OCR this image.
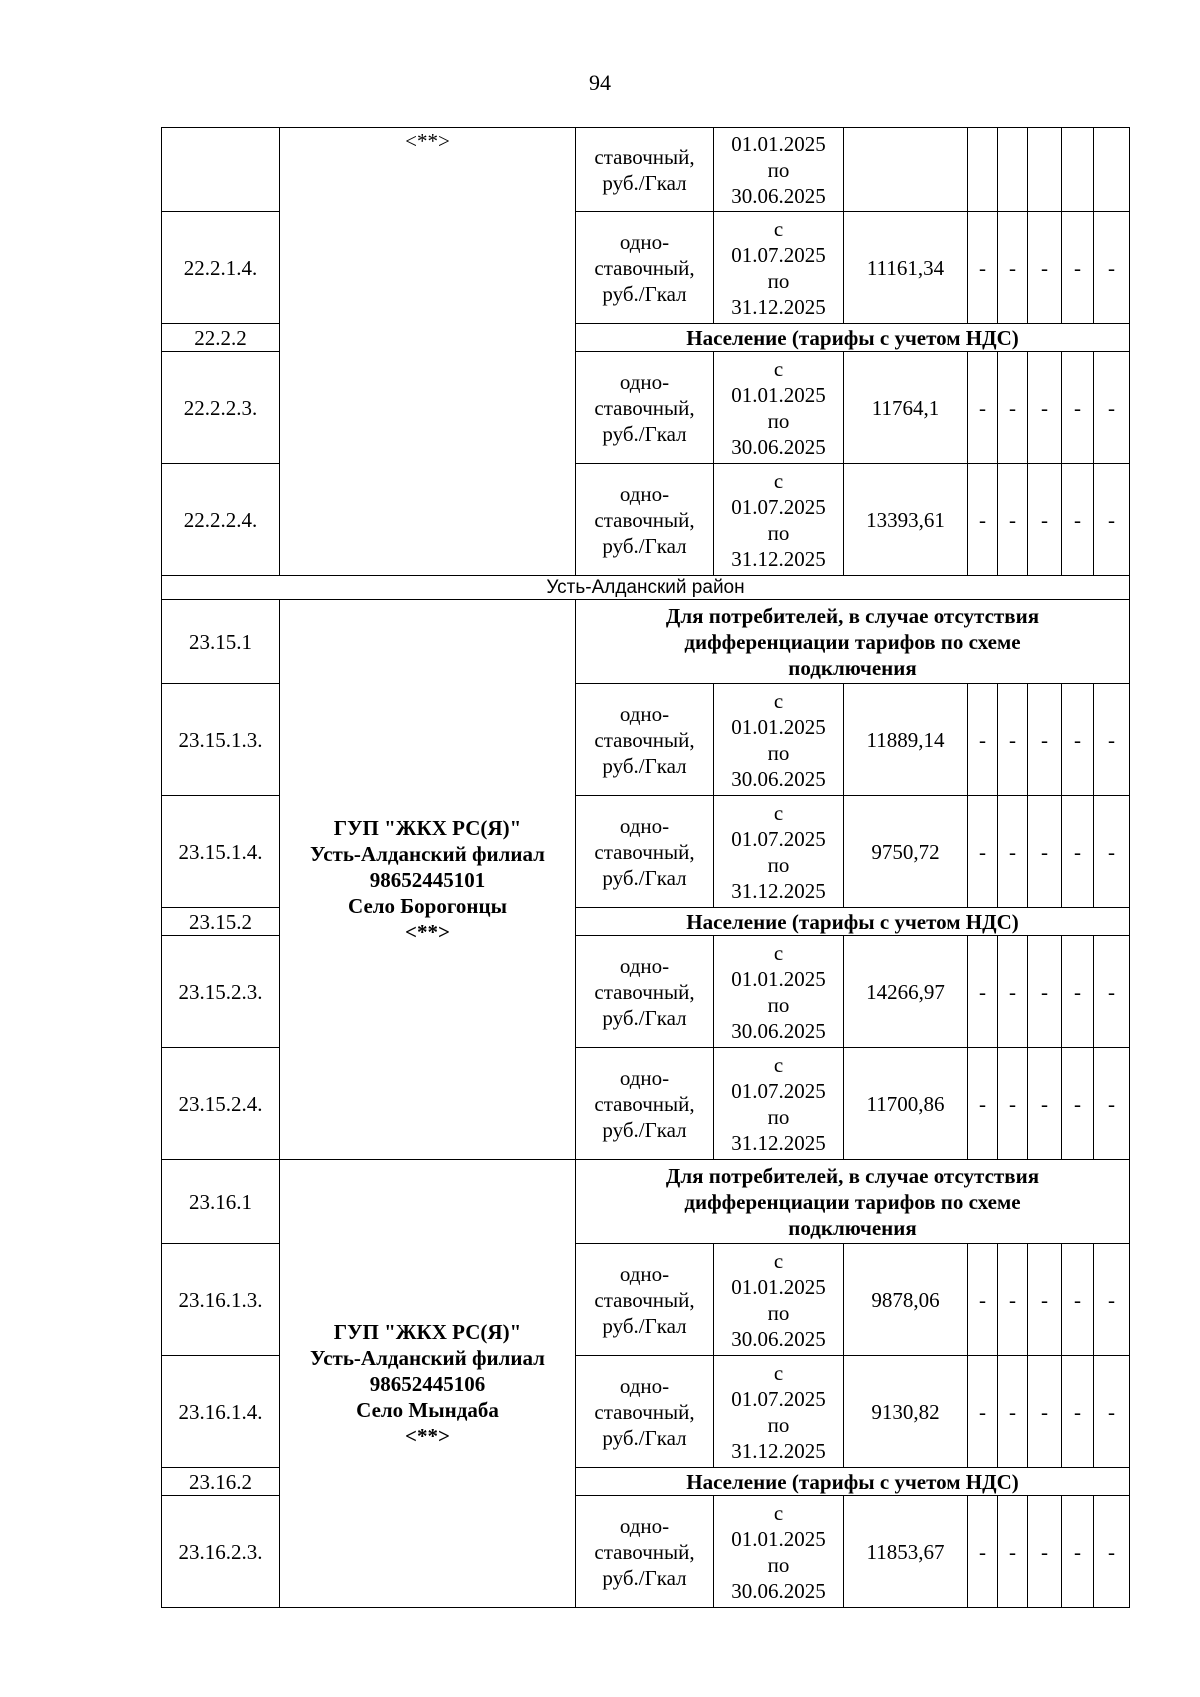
94

	<**>	ставочный,
руб./Гкал	01.01.2025
по
30.06.2025						

22.2.1.4.		одно-
ставочный,
руб./Гкал	с
01.07.2025
по
31.12.2025	11161,34	-	-	-	-	-
22.2.2		Население (тарифы с учетом НДС)							
22.2.2.3.		одно-
ставочный,
руб./Гкал	с
01.01.2025
по
30.06.2025	11764,1	-	-	-	-	-
22.2.2.4.		одно-
ставочный,
руб./Гкал	с
01.07.2025
по
31.12.2025	13393,61	-	-	-	-	-
Усть-Алданский район									
23.15.1	ГУП "ЖКХ РС(Я)"
Усть-Алданский филиал
98652445101
Село Борогонцы
<**>	Для потребителей, в случае отсутствия
дифференциации тарифов по схеме
подключения							

23.15.1.3.		одно-
ставочный,
руб./Гкал	с
01.01.2025
по
30.06.2025	11889,14	-	-	-	-	-
23.15.1.4.		одно-
ставочный,
руб./Гкал	с
01.07.2025
по
31.12.2025	9750,72	-	-	-	-	-
23.15.2		Население (тарифы с учетом НДС)							
23.15.2.3.		одно-
ставочный,
руб./Гкал	с
01.01.2025
по
30.06.2025	14266,97	-	-	-	-	-
23.15.2.4.		одно-
ставочный,
руб./Гкал	с
01.07.2025
по
31.12.2025	11700,86	-	-	-	-	-
23.16.1	ГУП "ЖКХ РС(Я)"
Усть-Алданский филиал
98652445106
Село Мындаба
<**>	Для потребителей, в случае отсутствия
дифференциации тарифов по схеме
подключения							

23.16.1.3.		одно-
ставочный,
руб./Гкал	с
01.01.2025
по
30.06.2025	9878,06	-	-	-	-	-
23.16.1.4.		одно-
ставочный,
руб./Гкал	с
01.07.2025
по
31.12.2025	9130,82	-	-	-	-	-
23.16.2		Население (тарифы с учетом НДС)							
23.16.2.3.		одно-
ставочный,
руб./Гкал	с
01.01.2025
по
30.06.2025	11853,67	-	-	-	-	-
